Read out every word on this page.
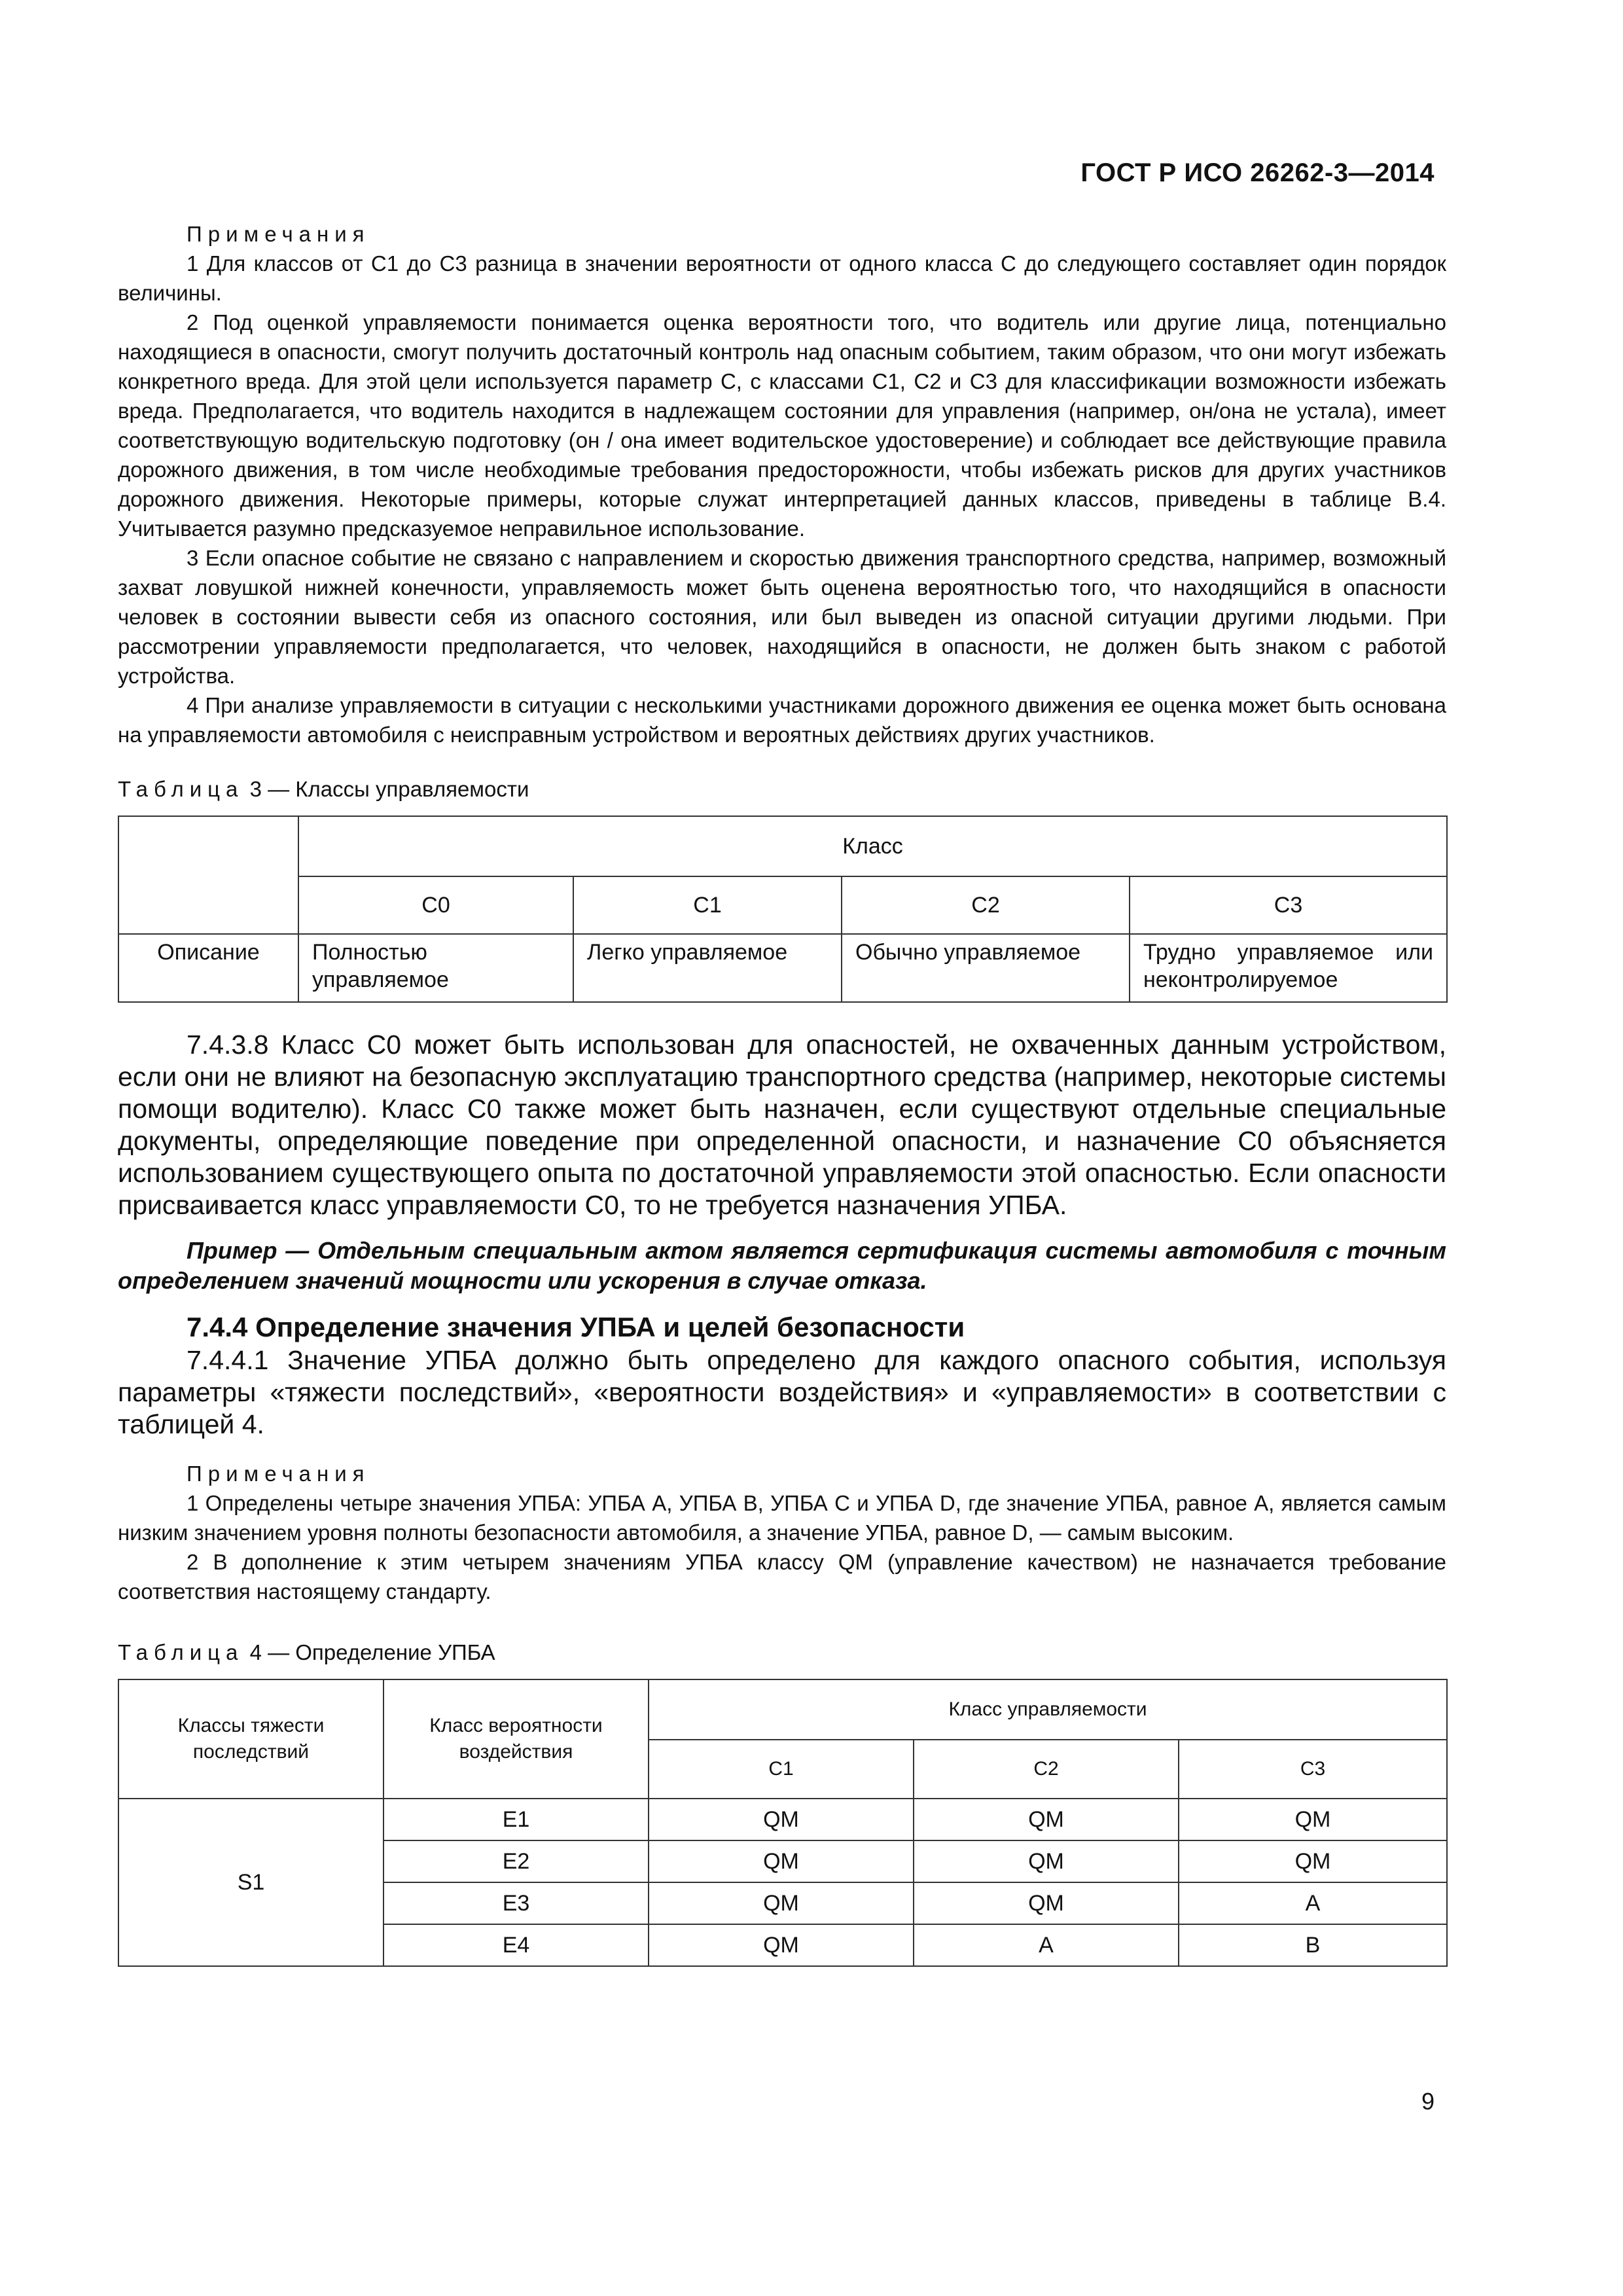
ГОСТ Р ИСО 26262-3—2014

Примечания

1 Для классов от С1 до С3 разница в значении вероятности от одного класса С до следующего составляет один порядок величины.

2 Под оценкой управляемости понимается оценка вероятности того, что водитель или другие лица, потенциально находящиеся в опасности, смогут получить достаточный контроль над опасным событием, таким образом, что они могут избежать конкретного вреда. Для этой цели используется параметр С, с классами С1, С2 и С3 для классификации возможности избежать вреда. Предполагается, что водитель находится в надлежащем состоянии для управления (например, он/она не устала), имеет соответствующую водительскую подготовку (он / она имеет водительское удостоверение) и соблюдает все действующие правила дорожного движения, в том числе необходимые требования предосторожности, чтобы избежать рисков для других участников дорожного движения. Некоторые примеры, которые служат интерпретацией данных классов, приведены в таблице В.4. Учитывается разумно предсказуемое неправильное использование.

3 Если опасное событие не связано с направлением и скоростью движения транспортного средства, например, возможный захват ловушкой нижней конечности, управляемость может быть оценена вероятностью того, что находящийся в опасности человек в состоянии вывести себя из опасного состояния, или был выведен из опасной ситуации другими людьми. При рассмотрении управляемости предполагается, что человек, находящийся в опасности, не должен быть знаком с работой устройства.

4 При анализе управляемости в ситуации с несколькими участниками дорожного движения ее оценка может быть основана на управляемости автомобиля с неисправным устройством и вероятных действиях других участников.

Таблица 3 — Классы управляемости
	Класс			
	С0	С1	С2	С3
Описание	Полностью управляемое	Легко управляемое	Обычно управляемое	Трудно управляемое или неконтролируемое

7.4.3.8 Класс С0 может быть использован для опасностей, не охваченных данным устройством, если они не влияют на безопасную эксплуатацию транспортного средства (например, некоторые системы помощи водителю). Класс С0 также может быть назначен, если существуют отдельные специальные документы, определяющие поведение при определенной опасности, и назначение С0 объясняется использованием существующего опыта по достаточной управляемости этой опасностью. Если опасности присваивается класс управляемости С0, то не требуется назначения УПБА.

Пример — Отдельным специальным актом является сертификация системы автомобиля с точным определением значений мощности или ускорения в случае отказа.

7.4.4 Определение значения УПБА и целей безопасности

7.4.4.1 Значение УПБА должно быть определено для каждого опасного события, используя параметры «тяжести последствий», «вероятности воздействия» и «управляемости» в соответствии с таблицей 4.

Примечания

1 Определены четыре значения УПБА: УПБА А, УПБА В, УПБА С и УПБА D, где значение УПБА, равное А, является самым низким значением уровня полноты безопасности автомобиля, а значение УПБА, равное D, — самым высоким.

2 В дополнение к этим четырем значениям УПБА классу QM (управление качеством) не назначается требование соответствия настоящему стандарту.

Таблица 4 — Определение УПБА
Классы тяжести последствий	Класс вероятности воздействия	Класс управляемости		
		С1	С2	С3
S1	E1	QM	QM	QM
	E2	QM	QM	QM
	E3	QM	QM	A
	E4	QM	A	B
9
